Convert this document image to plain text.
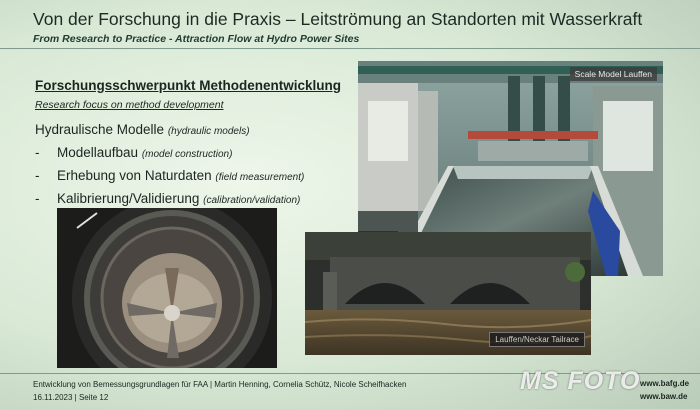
Von der Forschung in die Praxis – Leitströmung an Standorten mit Wasserkraft
From Research to Practice - Attraction Flow at Hydro Power Sites
Forschungsschwerpunkt Methodenentwicklung
Research focus on method development
Hydraulische Modelle (hydraulic models)
- Modellaufbau (model construction)
- Erhebung von Naturdaten (field measurement)
- Kalibrierung/Validierung (calibration/validation)
Scale Model Lauffen
Lauffen/Neckar Tailrace
Entwicklung von Bemessungsgrundlagen für FAA | Martin Henning, Cornelia Schütz, Nicole Scheifhacken
16.11.2023 | Seite 12
www.bafg.de
www.baw.de
MS FOTO
